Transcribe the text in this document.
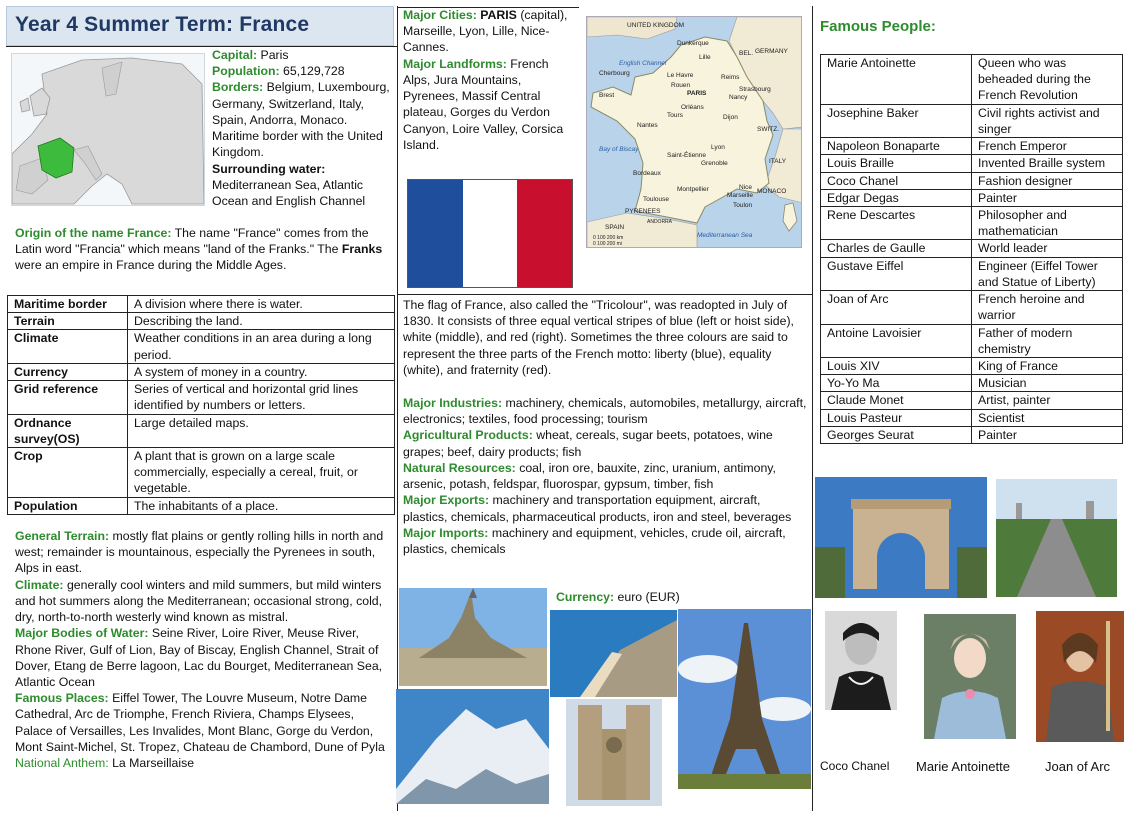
Year 4 Summer Term: France
Capital: Paris
Population: 65,129,728
Borders: Belgium, Luxembourg, Germany, Switzerland, Italy, Spain, Andorra, Monaco.
Maritime border with the United Kingdom.
Surrounding water:
Mediterranean Sea, Atlantic Ocean and English Channel
Origin of the name France: The name "France" comes from the Latin word "Francia" which means "land of the Franks." The Franks were an empire in France during the Middle Ages.
Maritime border	A division where there is water.
Terrain	Describing the land.
Climate	Weather conditions in an area during a long period.
Currency	A system of money in a country.
Grid reference	Series of vertical and horizontal grid lines identified by numbers or letters.
Ordnance survey(OS)	Large detailed maps.
Crop	A plant that is grown on a large scale commercially, especially a cereal, fruit, or vegetable.
Population	The inhabitants of a place.
General Terrain: mostly flat plains or gently rolling hills in north and west; remainder is mountainous, especially the Pyrenees in south, Alps in east.
Climate: generally cool winters and mild summers, but mild winters and hot summers along the Mediterranean; occasional strong, cold, dry, north-to-north westerly wind known as mistral.
Major Bodies of Water: Seine River, Loire River, Meuse River, Rhone River, Gulf of Lion, Bay of Biscay, English Channel, Strait of Dover, Etang de Berre lagoon, Lac du Bourget, Mediterranean Sea, Atlantic Ocean
Famous Places: Eiffel Tower, The Louvre Museum, Notre Dame Cathedral, Arc de Triomphe, French Riviera, Champs Elysees, Palace of Versailles, Les Invalides, Mont Blanc, Gorge du Verdon, Mont Saint-Michel, St. Tropez, Chateau de Chambord, Dune of Pyla
National Anthem: La Marseillaise
Major Cities: PARIS (capital), Marseille, Lyon, Lille, Nice-Cannes.
Major Landforms: French Alps, Jura Mountains, Pyrenees, Massif Central plateau, Gorges du Verdon Canyon, Loire Valley, Corsica Island.
UNITED KINGDOM
Dunkerque
Lille
BEL. GERMANY
English Channel
Le Havre
Rouen
Reims
Cherbourg
Brest	PARIS
Strasbourg
Nancy
Orléans
Nantes
Tours	Dijon
SWITZ.
Bay of Biscay	Lyon
Saint-Étienne
Grenoble	ITALY
Bordeaux
Toulouse
Montpellier	Nice
MONACO
Marseille
Toulon
PYRENEES
SPAIN
Mediterranean Sea
ANDORRA
0 100 200 km
0 100 200 mi
The flag of France, also called the "Tricolour", was readopted in July of 1830. It consists of three equal vertical stripes of blue (left or hoist side), white (middle), and red (right). Sometimes the three colours are said to represent the three parts of the French motto: liberty (blue), equality (white), and fraternity (red).
Major Industries: machinery, chemicals, automobiles, metallurgy, aircraft, electronics; textiles, food processing; tourism
Agricultural Products: wheat, cereals, sugar beets, potatoes, wine grapes; beef, dairy products; fish
Natural Resources: coal, iron ore, bauxite, zinc, uranium, antimony, arsenic, potash, feldspar, fluorospar, gypsum, timber, fish
Major Exports: machinery and transportation equipment, aircraft, plastics, chemicals, pharmaceutical products, iron and steel, beverages
Major Imports: machinery and equipment, vehicles, crude oil, aircraft, plastics, chemicals
Currency: euro (EUR)
Famous People:
Marie Antoinette	Queen who was beheaded during the French Revolution
Josephine Baker	Civil rights activist and singer
Napoleon Bonaparte	French Emperor
Louis Braille	Invented Braille system
Coco Chanel	Fashion designer
Edgar Degas	Painter
Rene Descartes	Philosopher and mathematician
Charles de Gaulle	World leader
Gustave Eiffel	Engineer (Eiffel Tower and Statue of Liberty)
Joan of Arc	French heroine and warrior
Antoine Lavoisier	Father of modern chemistry
Louis XIV	King of France
Yo-Yo Ma	Musician
Claude Monet	Artist, painter
Louis Pasteur	Scientist
Georges Seurat	Painter
Coco Chanel Marie Antoinette	Joan of Arc
